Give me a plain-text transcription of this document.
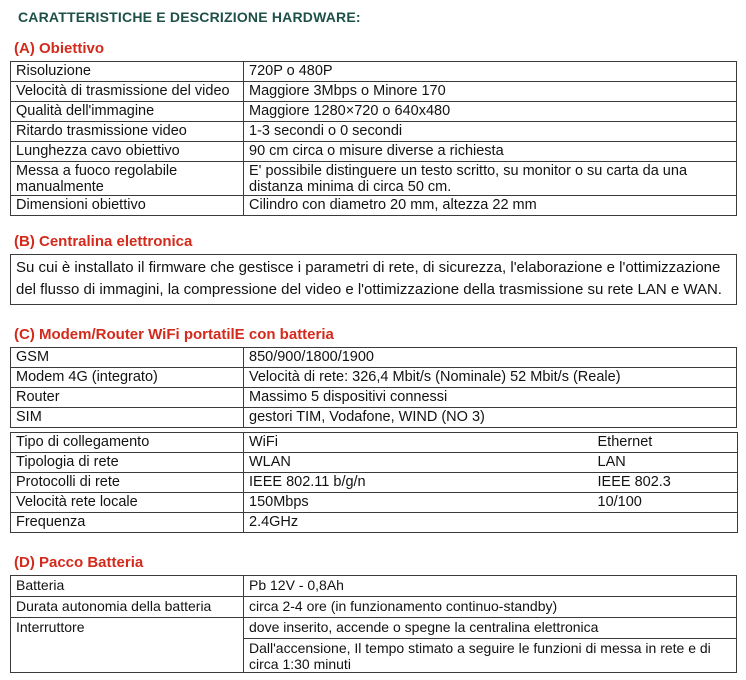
CARATTERISTICHE E DESCRIZIONE HARDWARE:
(A) Obiettivo
Risoluzione	720P o 480P
Velocità di trasmissione del video	Maggiore 3Mbps o Minore 170
Qualità dell'immagine	Maggiore 1280×720 o 640x480
Ritardo trasmissione video	1-3 secondi o 0 secondi
Lunghezza cavo obiettivo	90 cm circa o misure diverse a richiesta
Messa a fuoco regolabile manualmente	E' possibile distinguere un testo scritto, su monitor o su carta da una distanza minima di circa 50 cm.
Dimensioni obiettivo	Cilindro con diametro 20 mm, altezza 22 mm
(B) Centralina elettronica
Su cui è installato il firmware che gestisce i parametri di rete, di sicurezza, l'elaborazione e l'ottimizzazione del flusso di immagini, la compressione del video e l'ottimizzazione della trasmissione su rete LAN e WAN.
(C) Modem/Router WiFi portatilE con batteria
GSM	850/900/1800/1900
Modem 4G (integrato)	Velocità di rete: 326,4 Mbit/s (Nominale) 52 Mbit/s (Reale)
Router	Massimo 5 dispositivi connessi
SIM	gestori TIM, Vodafone, WIND (NO 3)
Tipo di collegamento	WiFi	Ethernet
Tipologia di rete	WLAN	LAN
Protocolli di rete	IEEE 802.11 b/g/n	IEEE 802.3
Velocità rete locale	150Mbps	10/100
Frequenza	2.4GHz	
(D) Pacco Batteria
Batteria	Pb 12V - 0,8Ah
Durata autonomia della batteria	circa 2-4 ore (in funzionamento continuo-standby)
Interruttore	dove inserito, accende o spegne la centralina elettronica
	Dall'accensione, Il tempo stimato a seguire le funzioni di messa in rete e di circa 1:30 minuti
